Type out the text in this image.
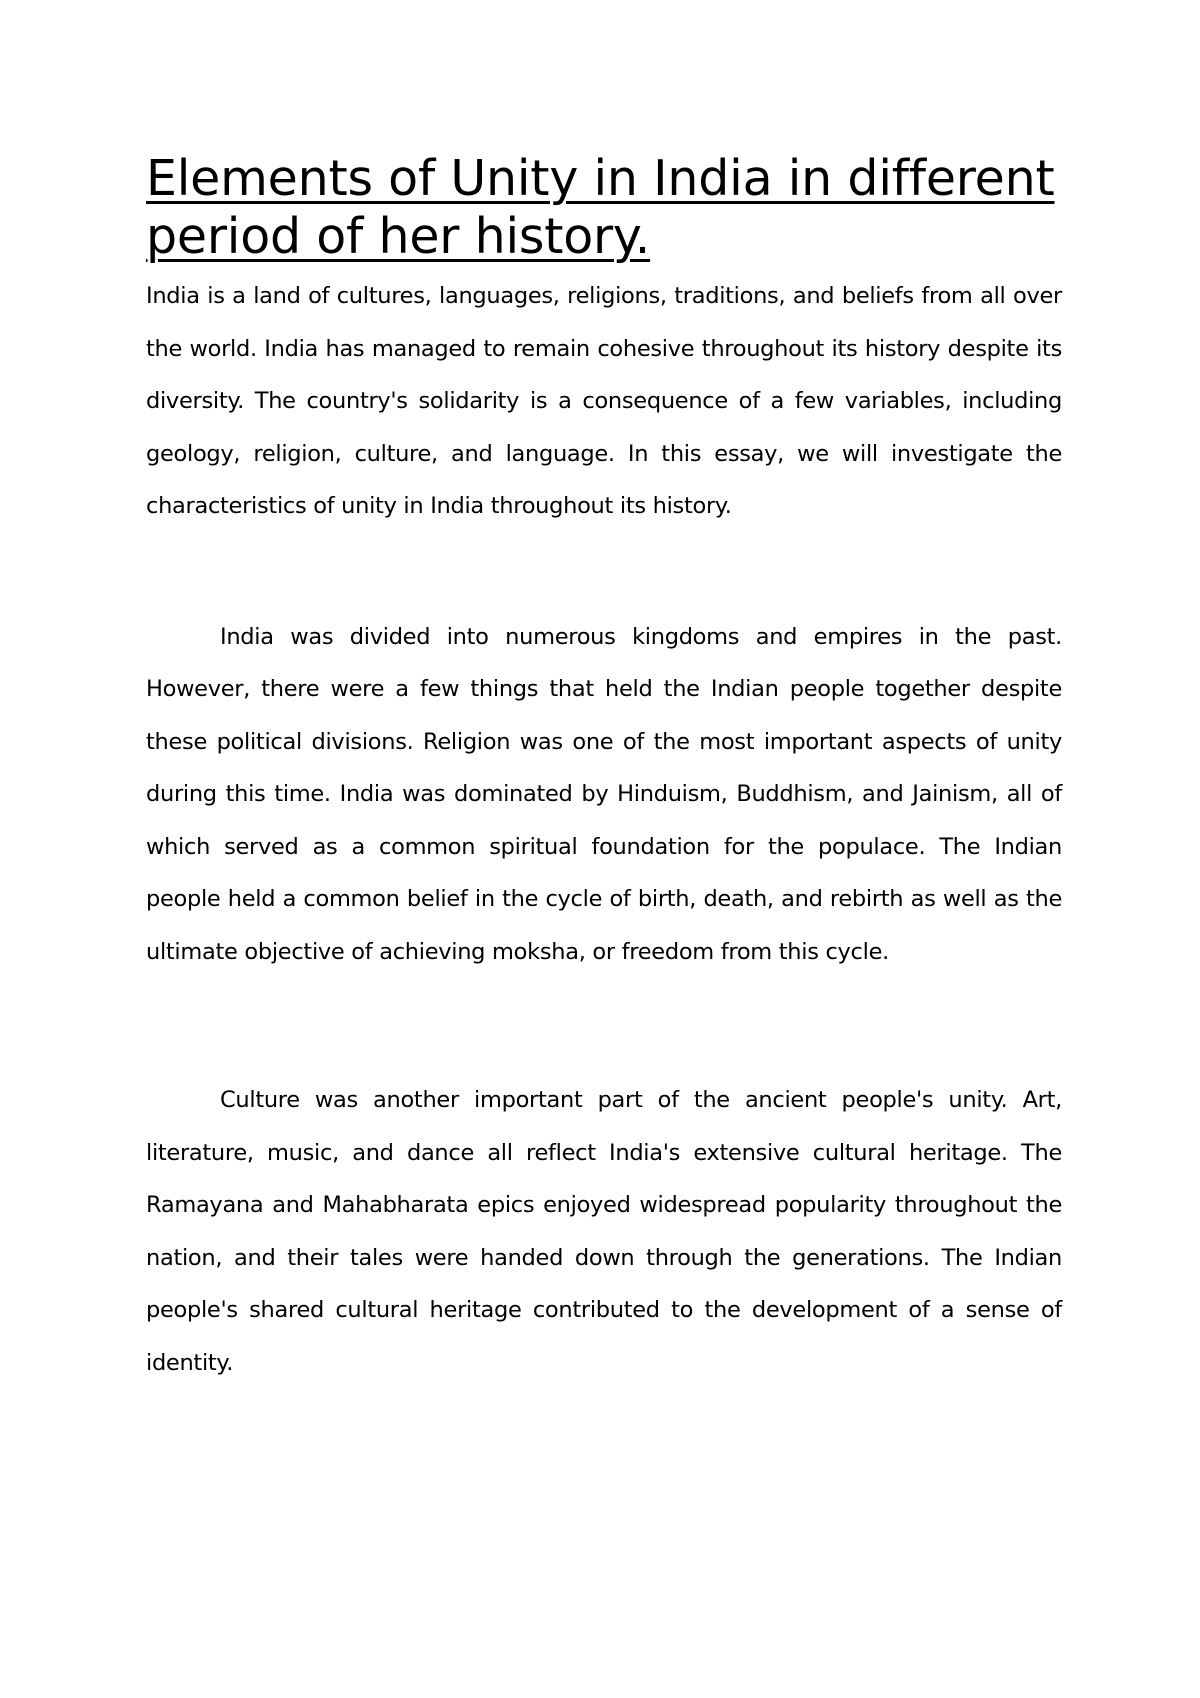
Elements of Unity in India in different period of her history.

India is a land of cultures, languages, religions, traditions, and beliefs from all over the world. India has managed to remain cohesive throughout its history despite its diversity. The country's solidarity is a consequence of a few variables, including geology, religion, culture, and language. In this essay, we will investigate the characteristics of unity in India throughout its history.

India was divided into numerous kingdoms and empires in the past. However, there were a few things that held the Indian people together despite these political divisions. Religion was one of the most important aspects of unity during this time. India was dominated by Hinduism, Buddhism, and Jainism, all of which served as a common spiritual foundation for the populace. The Indian people held a common belief in the cycle of birth, death, and rebirth as well as the ultimate objective of achieving moksha, or freedom from this cycle.

Culture was another important part of the ancient people's unity. Art, literature, music, and dance all reflect India's extensive cultural heritage. The Ramayana and Mahabharata epics enjoyed widespread popularity throughout the nation, and their tales were handed down through the generations. The Indian people's shared cultural heritage contributed to the development of a sense of identity.
